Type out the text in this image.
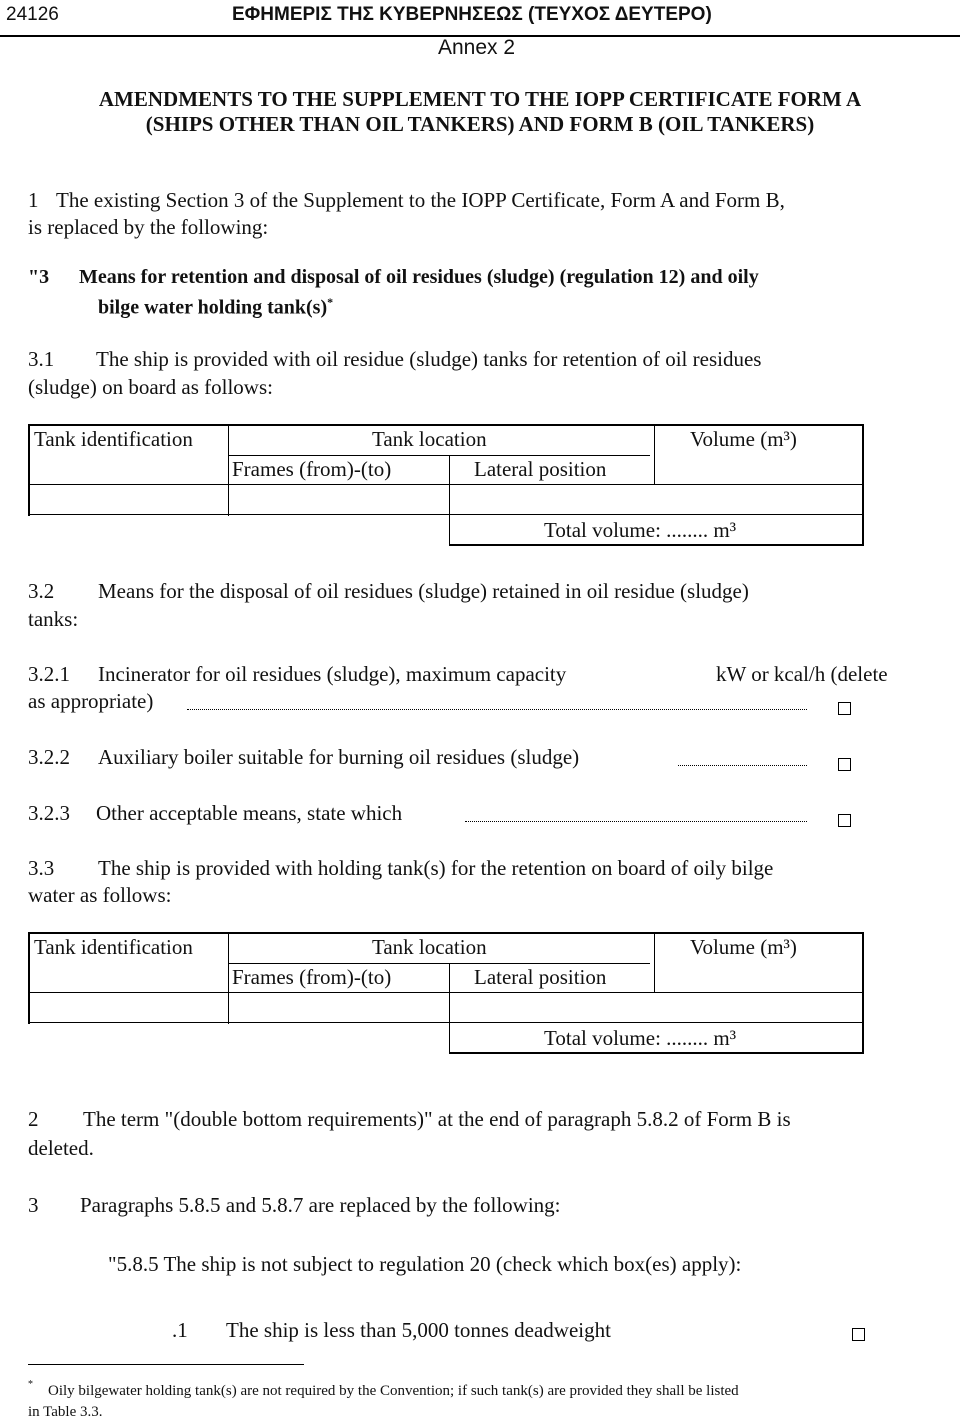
24126	ΕΦΗΜΕΡΙΣ ΤΗΣ ΚΥΒΕΡΝΗΣΕΩΣ (ΤΕΥΧΟΣ ΔΕΥΤΕΡΟ)
Annex 2
AMENDMENTS TO THE SUPPLEMENT TO THE IOPP CERTIFICATE FORM A
(SHIPS OTHER THAN OIL TANKERS) AND FORM B (OIL TANKERS)
1 The existing Section 3 of the Supplement to the IOPP Certificate, Form A and Form B,
is replaced by the following:
"3 Means for retention and disposal of oil residues (sludge) (regulation 12) and oily
bilge water holding tank(s)*
3.1 The ship is provided with oil residue (sludge) tanks for retention of oil residues
(sludge) on board as follows:
Tank identification	Tank location	Volume (m³)
Frames (from)-(to)	Lateral position
Total volume: ........ m³
3.2 Means for the disposal of oil residues (sludge) retained in oil residue (sludge)
tanks:
3.2.1 Incinerator for oil residues (sludge), maximum capacity	kW or kcal/h (delete
as appropriate)
3.2.2 Auxiliary boiler suitable for burning oil residues (sludge)
3.2.3 Other acceptable means, state which
3.3 The ship is provided with holding tank(s) for the retention on board of oily bilge
water as follows:
Tank identification	Tank location	Volume (m³)
Frames (from)-(to)	Lateral position
Total volume: ........ m³
2 The term "(double bottom requirements)" at the end of paragraph 5.8.2 of Form B is
deleted.
3 Paragraphs 5.8.5 and 5.8.7 are replaced by the following:
"5.8.5 The ship is not subject to regulation 20 (check which box(es) apply):
.1 The ship is less than 5,000 tonnes deadweight
* Oily bilgewater holding tank(s) are not required by the Convention; if such tank(s) are provided they shall be listed
in Table 3.3.
